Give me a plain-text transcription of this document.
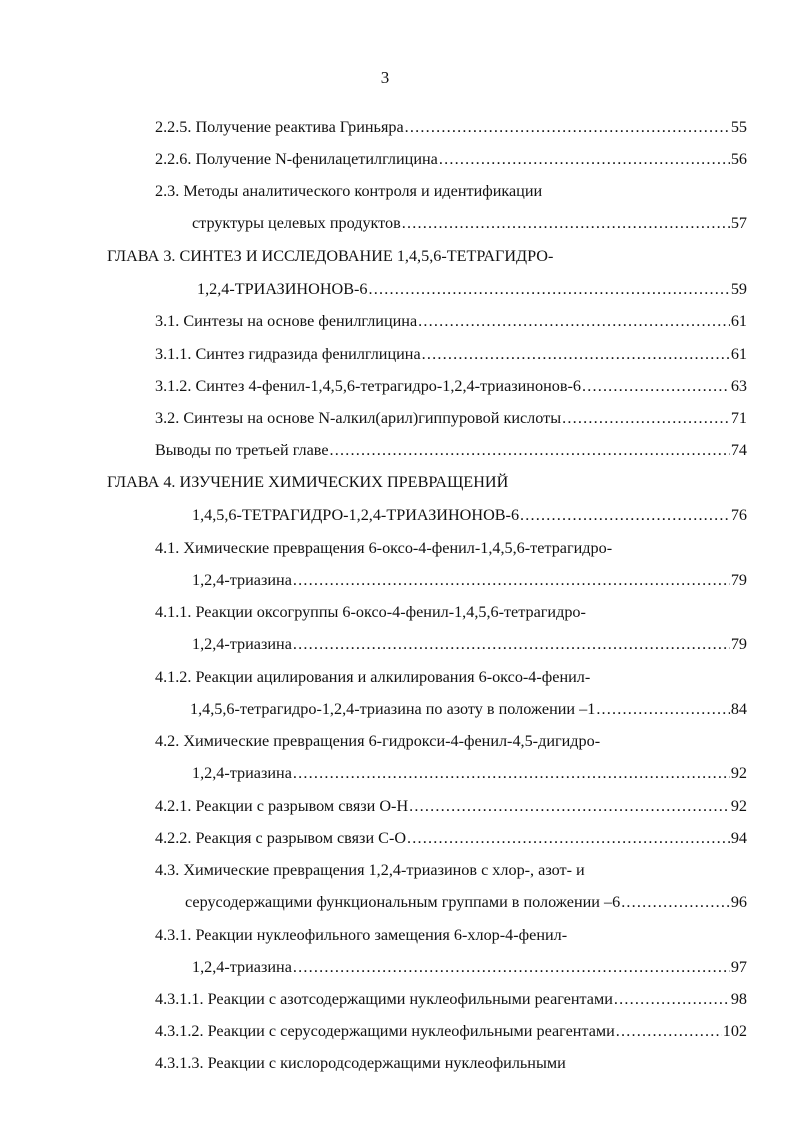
3
2.2.5. Получение реактива Гриньяра .....	55
2.2.6. Получение N-фенилацетилглицина .....	56
2.3. Методы аналитического контроля и идентификации
структуры целевых продуктов .....	57
ГЛАВА 3. СИНТЕЗ И ИССЛЕДОВАНИЕ 1,4,5,6-ТЕТРАГИДРО-
1,2,4-ТРИАЗИНОНОВ-6 .....	59
3.1. Синтезы на основе фенилглицина .....	61
3.1.1. Синтез гидразида фенилглицина .....	61
3.1.2. Синтез 4-фенил-1,4,5,6-тетрагидро-1,2,4-триазинонов-6 .....	63
3.2. Синтезы на основе N-алкил(арил)гиппуровой кислоты .....	71
Выводы по третьей главе .....	74
ГЛАВА 4. ИЗУЧЕНИЕ ХИМИЧЕСКИХ ПРЕВРАЩЕНИЙ
1,4,5,6-ТЕТРАГИДРО-1,2,4-ТРИАЗИНОНОВ-6 .....	76
4.1. Химические превращения 6-оксо-4-фенил-1,4,5,6-тетрагидро-
1,2,4-триазина .....	79
4.1.1. Реакции оксогруппы 6-оксо-4-фенил-1,4,5,6-тетрагидро-
1,2,4-триазина .....	79
4.1.2. Реакции ацилирования и алкилирования 6-оксо-4-фенил-
1,4,5,6-тетрагидро-1,2,4-триазина по азоту в положении –1 .....	84
4.2. Химические превращения 6-гидрокси-4-фенил-4,5-дигидро-
1,2,4-триазина .....	92
4.2.1. Реакции с разрывом связи О-Н .....	92
4.2.2. Реакция с разрывом связи С-О .....	94
4.3. Химические превращения 1,2,4-триазинов с хлор-, азот- и
серусодержащими функциональным группами в положении –6 .....	96
4.3.1. Реакции нуклеофильного замещения 6-хлор-4-фенил-
1,2,4-триазина .....	97
4.3.1.1. Реакции с азотсодержащими нуклеофильными реагентами .....	98
4.3.1.2. Реакции с серусодержащими нуклеофильными реагентами .....	102
4.3.1.3. Реакции с кислородсодержащими нуклеофильными
